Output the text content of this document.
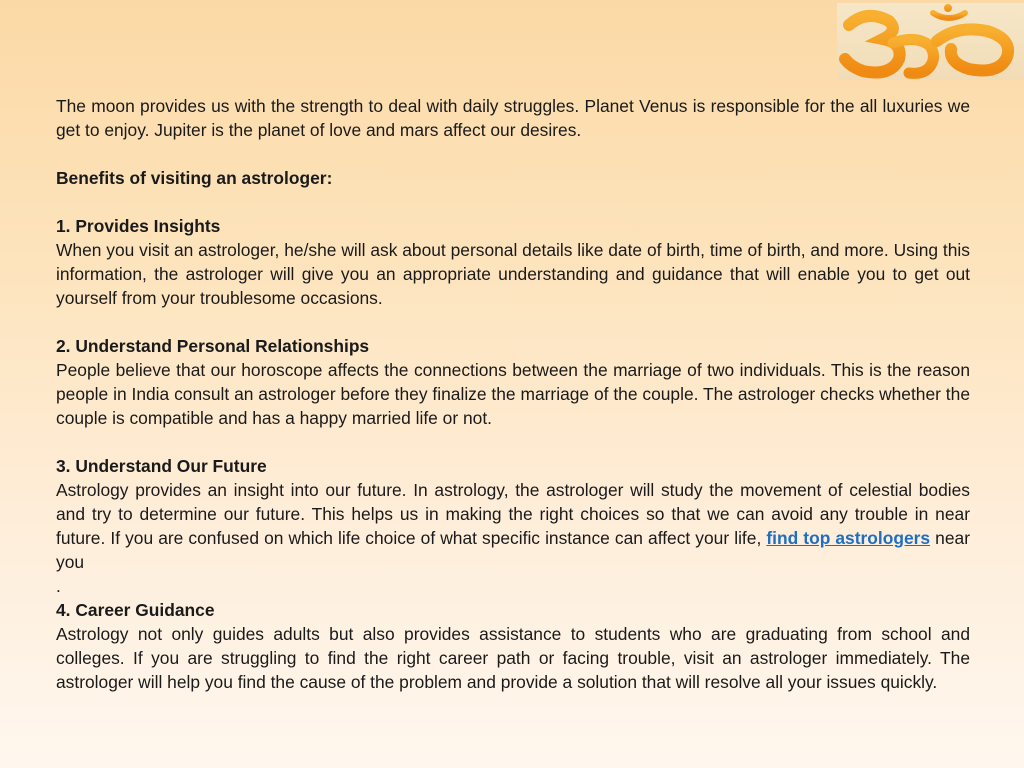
The moon provides us with the strength to deal with daily struggles. Planet Venus is responsible for the all luxuries we get to enjoy. Jupiter is the planet of love and mars affect our desires.

Benefits of visiting an astrologer:

1. Provides Insights

When you visit an astrologer, he/she will ask about personal details like date of birth, time of birth, and more. Using this information, the astrologer will give you an appropriate understanding and guidance that will enable you to get out yourself from your troublesome occasions.

2. Understand Personal Relationships

People believe that our horoscope affects the connections between the marriage of two individuals. This is the reason people in India consult an astrologer before they finalize the marriage of the couple. The astrologer checks whether the couple is compatible and has a happy married life or not.

3. Understand Our Future

Astrology provides an insight into our future. In astrology, the astrologer will study the movement of celestial bodies and try to determine our future. This helps us in making the right choices so that we can avoid any trouble in near future. If you are confused on which life choice of what specific instance can affect your life, find top astrologers near you

.

4. Career Guidance

Astrology not only guides adults but also provides assistance to students who are graduating from school and colleges. If you are struggling to find the right career path or facing trouble, visit an astrologer immediately. The astrologer will help you find the cause of the problem and provide a solution that will resolve all your issues quickly.
